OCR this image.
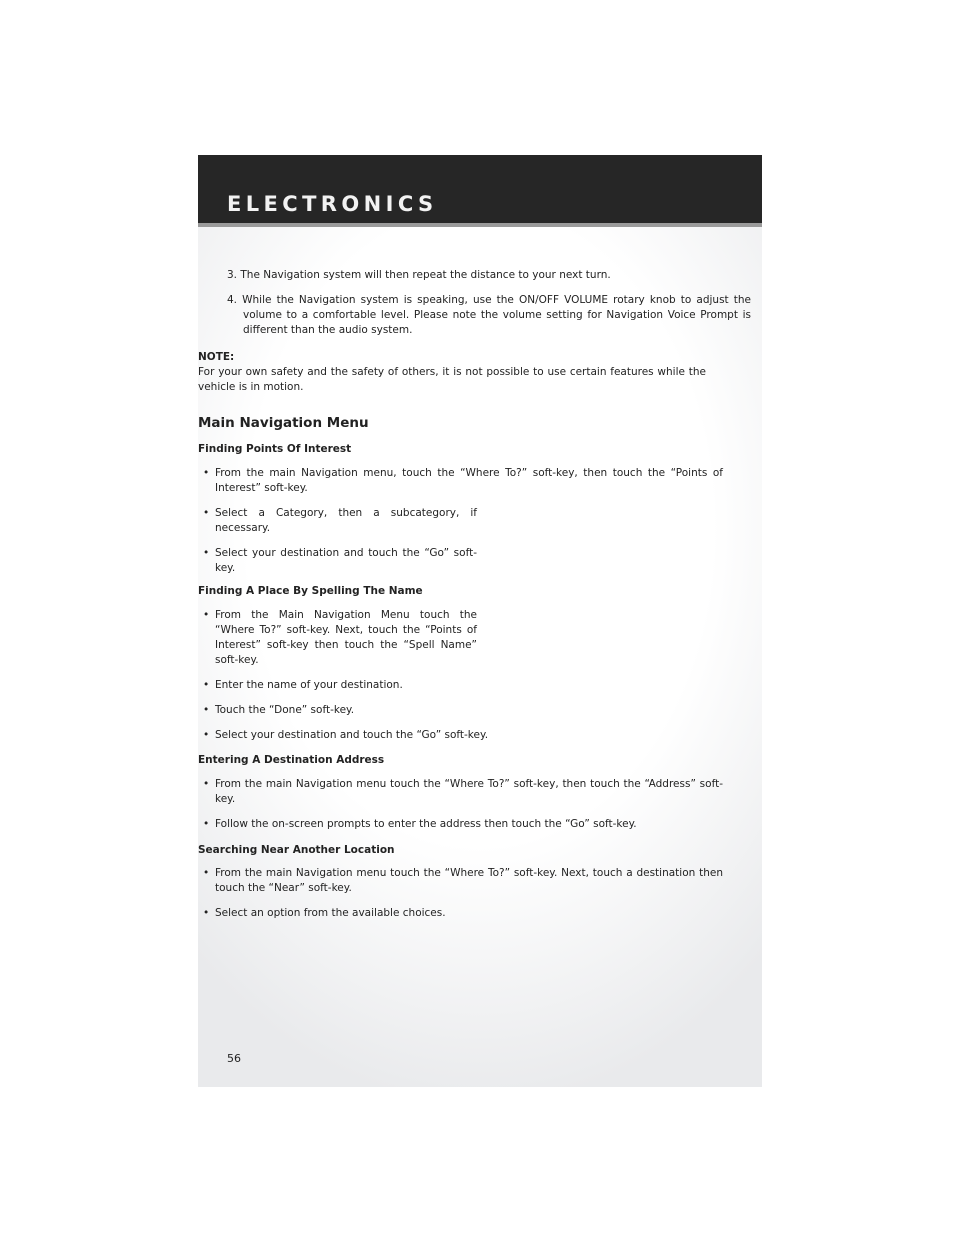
ELECTRONICS
3. The Navigation system will then repeat the distance to your next turn.
4. While the Navigation system is speaking, use the ON/OFF VOLUME rotary knob to adjust the volume to a comfortable level. Please note the volume setting for Navigation Voice Prompt is different than the audio system.
NOTE:
For your own safety and the safety of others, it is not possible to use certain features while the vehicle is in motion.
Main Navigation Menu
Finding Points Of Interest
• From the main Navigation menu, touch the “Where To?” soft-key, then touch the “Points of Interest” soft-key.
• Select a Category, then a subcategory, if necessary.
• Select your destination and touch the “Go” soft-key.
Finding A Place By Spelling The Name
• From the Main Navigation Menu touch the “Where To?” soft-key. Next, touch the “Points of Interest” soft-key then touch the “Spell Name” soft-key.
• Enter the name of your destination.
• Touch the “Done” soft-key.
• Select your destination and touch the “Go” soft-key.
Entering A Destination Address
• From the main Navigation menu touch the “Where To?” soft-key, then touch the “Address” soft-key.
• Follow the on-screen prompts to enter the address then touch the “Go” soft-key.
Searching Near Another Location
• From the main Navigation menu touch the “Where To?” soft-key. Next, touch a destination then touch the “Near” soft-key.
• Select an option from the available choices.
56
